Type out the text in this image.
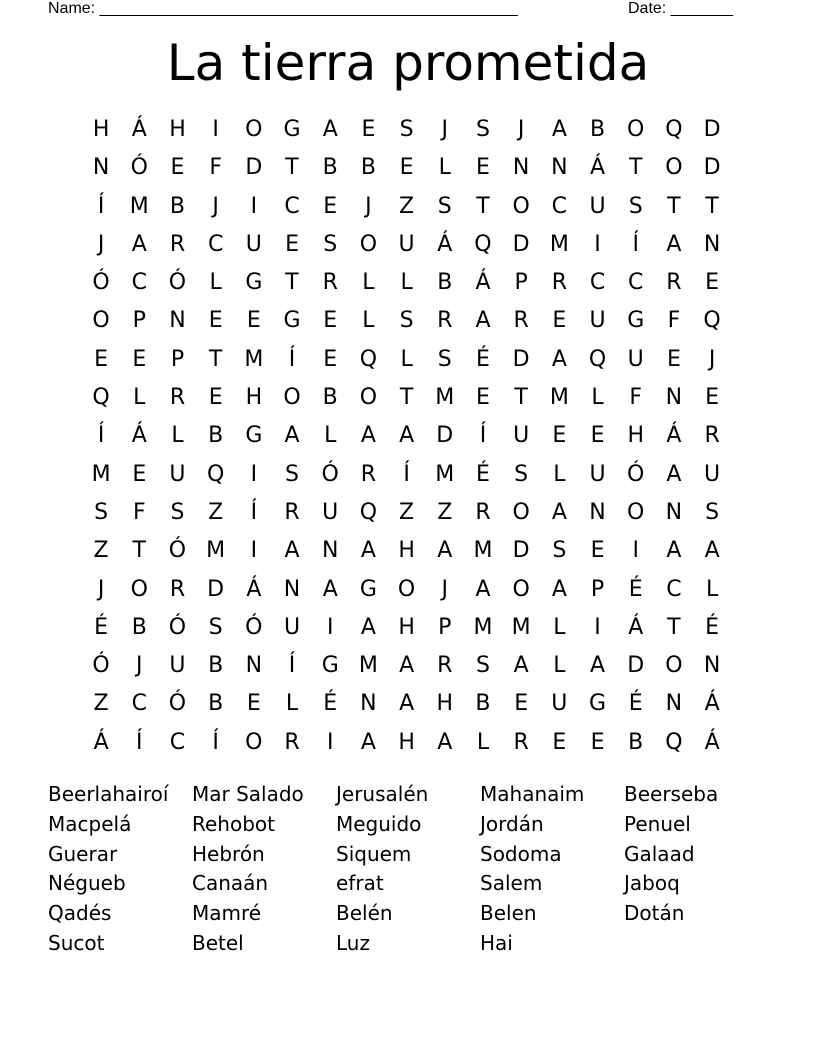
Name: _______________________________________________	Date: _______
La tierra prometida
H	Á	H	I	O G	A	E	S	J	S	J	A	B O Q D
N Ó	E	F	D	T	B	B	E	L	E	N N	Á	T	O D
Í	M B	J	I	C	E	J	Z	S	T	O C	U	S	T	T
J	A	R	C	U	E	S	O U	Á Q D M	I	Í	A	N
Ó C Ó	L	G	T	R	L	L	B	Á	P	R	C	C	R	E
O	P	N	E	E	G	E	L	S	R	A	R	E	U G	F	Q
E	E	P	T M	Í	E	Q	L	S	É	D	A Q U	E	J
Q	L	R	E	H O B O	T M E	T M	L	F	N	E
Í	Á	L	B	G	A	L	A	A	D	Í	U	E	E	H	Á	R
M E	U Q	I	S	Ó R	Í	M É	S	L	U Ó	A	U
S	F	S	Z	Í	R	U Q Z	Z	R O	A	N O N	S
Z	T	Ó M	I	A	N	A	H	A M D	S	E	I	A	A
J	O R	D	Á	N	A	G O	J	A O	A	P	É	C	L
É	B Ó	S	Ó U	I	A	H	P	M M	L	I	Á	T	É
Ó	J	U	B	N	Í	G M A	R	S	A	L	A	D O N
Z	C Ó B	E	L	É	N	A	H	B	E	U G	É	N	Á
Á	Í	C	Í	O R	I	A	H	A	L	R	E	E	B Q	Á
Beerlahairoí	Mar Salado	Jerusalén	Mahanaim	Beerseba
Macpelá	Rehobot	Meguido	Jordán	Penuel
Guerar	Hebrón	Siquem	Sodoma	Galaad
Négueb	Canaán	efrat	Salem	Jaboq
Qadés	Mamré	Belén	Belen	Dotán
Sucot	Betel	Luz	Hai
